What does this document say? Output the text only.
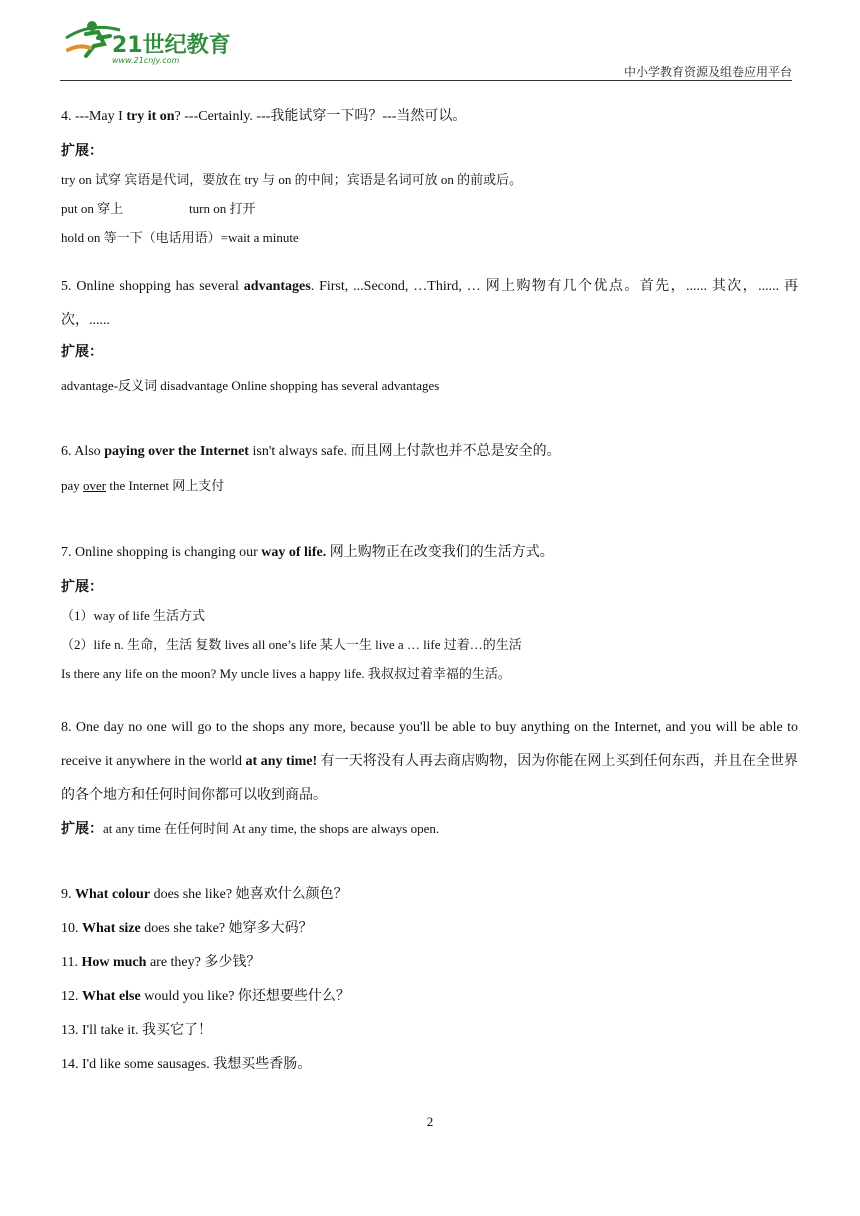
21世纪教育
www.21cnjy.com
中小学教育资源及组卷应用平台
4. ---May I try it on? ---Certainly. ---我能试穿一下吗？---当然可以。
扩展：
try on 试穿 宾语是代词，要放在 try 与 on 的中间；宾语是名词可放 on 的前或后。
put on 穿上	turn on 打开
hold on 等一下（电话用语）=wait a minute
5. Online shopping has several advantages. First, ...Second, …Third, … 网上购物有几个优点。首先，...... 其次，...... 再次，......
扩展：
advantage-反义词 disadvantage Online shopping has several advantages
6. Also paying over the Internet isn't always safe. 而且网上付款也并不总是安全的。
pay over the Internet 网上支付
7. Online shopping is changing our way of life. 网上购物正在改变我们的生活方式。
扩展：
（1）way of life 生活方式
（2）life n. 生命，生活 复数 lives all one’s life 某人一生 live a … life 过着…的生活
Is there any life on the moon? My uncle lives a happy life. 我叔叔过着幸福的生活。
8. One day no one will go to the shops any more, because you'll be able to buy anything on the Internet, and you will be able to receive it anywhere in the world at any time! 有一天将没有人再去商店购物，因为你能在网上买到任何东西，并且在全世界的各个地方和任何时间你都可以收到商品。
扩展：at any time 在任何时间 At any time, the shops are always open.
9. What colour does she like? 她喜欢什么颜色？
10. What size does she take? 她穿多大码？
11. How much are they? 多少钱？
12. What else would you like? 你还想要些什么？
13. I'll take it. 我买它了！
14. I'd like some sausages. 我想买些香肠。
2
